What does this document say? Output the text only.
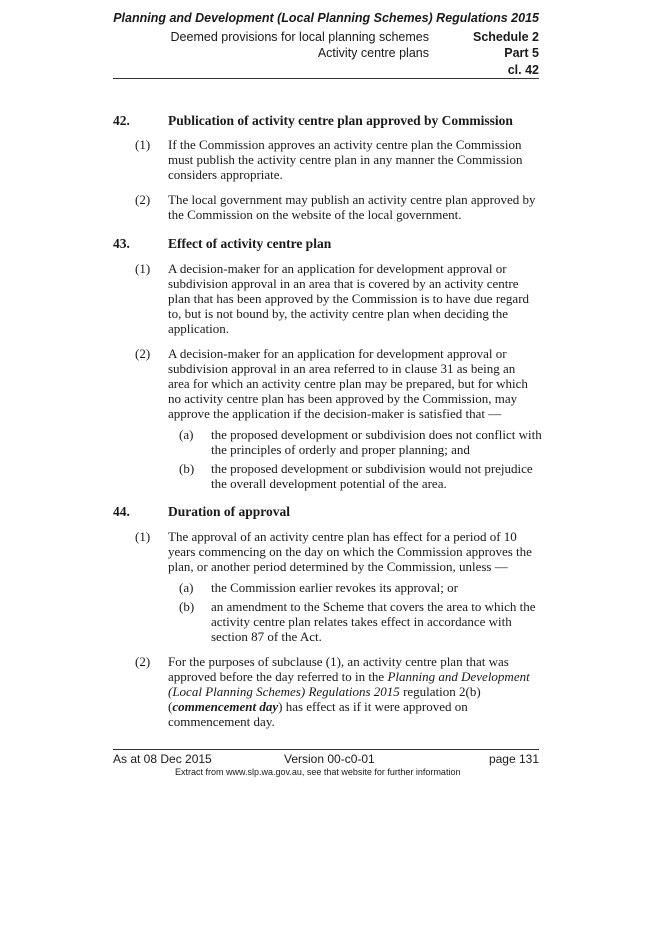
Planning and Development (Local Planning Schemes) Regulations 2015
Deemed provisions for local planning schemes	Schedule 2
Activity centre plans	Part 5
cl. 42
42.	Publication of activity centre plan approved by Commission
(1) If the Commission approves an activity centre plan the Commission must publish the activity centre plan in any manner the Commission considers appropriate.
(2) The local government may publish an activity centre plan approved by the Commission on the website of the local government.
43.	Effect of activity centre plan
(1) A decision-maker for an application for development approval or subdivision approval in an area that is covered by an activity centre plan that has been approved by the Commission is to have due regard to, but is not bound by, the activity centre plan when deciding the application.
(2) A decision-maker for an application for development approval or subdivision approval in an area referred to in clause 31 as being an area for which an activity centre plan may be prepared, but for which no activity centre plan has been approved by the Commission, may approve the application if the decision-maker is satisfied that —
(a) the proposed development or subdivision does not conflict with the principles of orderly and proper planning; and
(b) the proposed development or subdivision would not prejudice the overall development potential of the area.
44.	Duration of approval
(1) The approval of an activity centre plan has effect for a period of 10 years commencing on the day on which the Commission approves the plan, or another period determined by the Commission, unless —
(a) the Commission earlier revokes its approval; or
(b) an amendment to the Scheme that covers the area to which the activity centre plan relates takes effect in accordance with section 87 of the Act.
(2) For the purposes of subclause (1), an activity centre plan that was approved before the day referred to in the Planning and Development (Local Planning Schemes) Regulations 2015 regulation 2(b) (commencement day) has effect as if it were approved on commencement day.
As at 08 Dec 2015	Version 00-c0-01	page 131
Extract from www.slp.wa.gov.au, see that website for further information
